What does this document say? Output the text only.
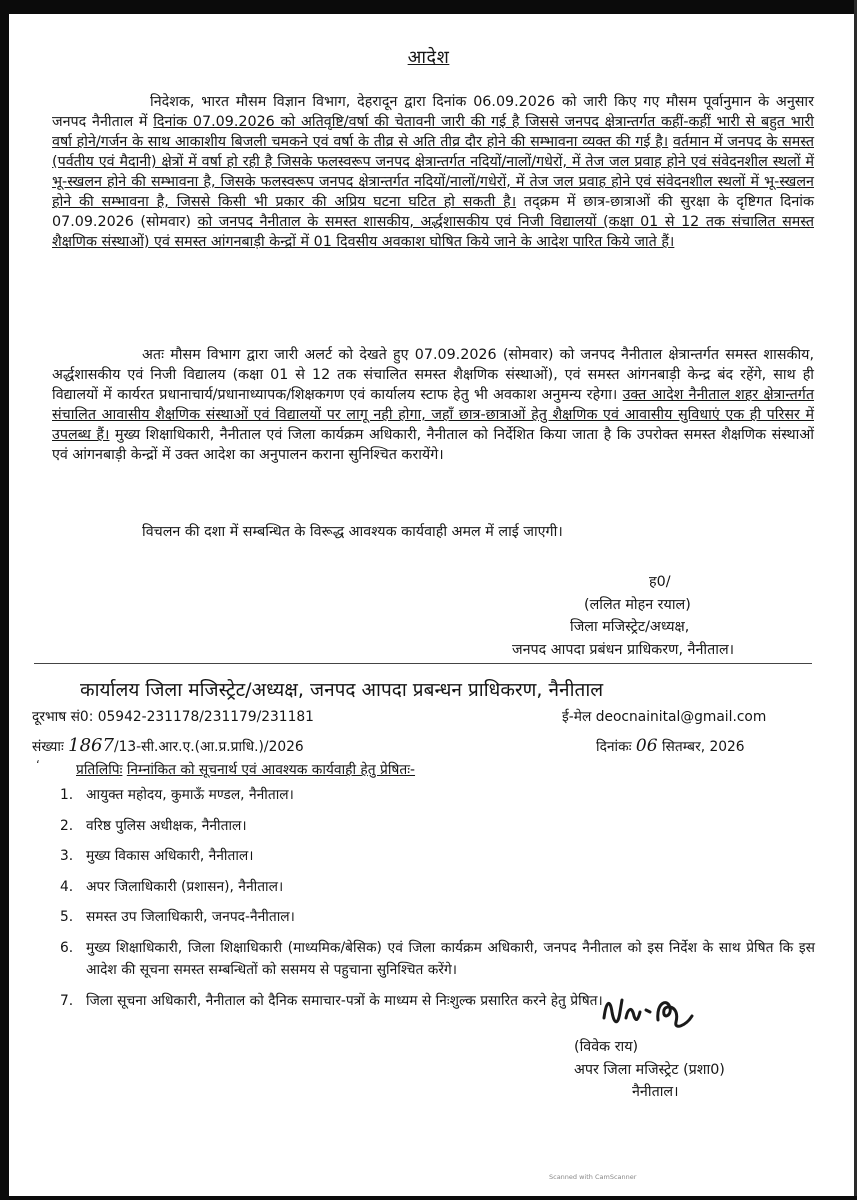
आदेश
निदेशक, भारत मौसम विज्ञान विभाग, देहरादून द्वारा दिनांक 06.09.2026 को जारी किए गए मौसम पूर्वानुमान के अनुसार जनपद नैनीताल में दिनांक 07.09.2026 को अतिवृष्टि/वर्षा की चेतावनी जारी की गई है जिससे जनपद क्षेत्रान्तर्गत कहीं-कहीं भारी से बहुत भारी वर्षा होने/गर्जन के साथ आकाशीय बिजली चमकने एवं वर्षा के तीव्र से अति तीव्र दौर होने की सम्भावना व्यक्त की गई है। वर्तमान में जनपद के समस्त (पर्वतीय एवं मैदानी) क्षेत्रों में वर्षा हो रही है जिसके फलस्वरूप जनपद क्षेत्रान्तर्गत नदियों/नालों/गधेरों, में तेज जल प्रवाह होने एवं संवेदनशील स्थलों में भू-स्खलन होने की सम्भावना है, जिसके फलस्वरूप जनपद क्षेत्रान्तर्गत नदियों/नालों/गधेरों, में तेज जल प्रवाह होने एवं संवेदनशील स्थलों में भू-स्खलन होने की सम्भावना है, जिससे किसी भी प्रकार की अप्रिय घटना घटित हो सकती है। तद्क्रम में छात्र-छात्राओं की सुरक्षा के दृष्टिगत दिनांक 07.09.2026 (सोमवार) को जनपद नैनीताल के समस्त शासकीय, अर्द्धशासकीय एवं निजी विद्यालयों (कक्षा 01 से 12 तक संचालित समस्त शैक्षणिक संस्थाओं) एवं समस्त आंगनबाड़ी केन्द्रों में 01 दिवसीय अवकाश घोषित किये जाने के आदेश पारित किये जाते हैं।
अतः मौसम विभाग द्वारा जारी अलर्ट को देखते हुए 07.09.2026 (सोमवार) को जनपद नैनीताल क्षेत्रान्तर्गत समस्त शासकीय, अर्द्धशासकीय एवं निजी विद्यालय (कक्षा 01 से 12 तक संचालित समस्त शैक्षणिक संस्थाओं), एवं समस्त आंगनबाड़ी केन्द्र बंद रहेंगे, साथ ही विद्यालयों में कार्यरत प्रधानाचार्य/प्रधानाध्यापक/शिक्षकगण एवं कार्यालय स्टाफ हेतु भी अवकाश अनुमन्य रहेगा। उक्त आदेश नैनीताल शहर क्षेत्रान्तर्गत संचालित आवासीय शैक्षणिक संस्थाओं एवं विद्यालयों पर लागू नही होगा, जहॉं छात्र-छात्राओं हेतु शैक्षणिक एवं आवासीय सुविधाएं एक ही परिसर में उपलब्ध हैं। मुख्य शिक्षाधिकारी, नैनीताल एवं जिला कार्यक्रम अधिकारी, नैनीताल को निर्देशित किया जाता है कि उपरोक्त समस्त शैक्षणिक संस्थाओं एवं आंगनबाड़ी केन्द्रों में उक्त आदेश का अनुपालन कराना सुनिश्चित करायेंगे।
विचलन की दशा में सम्बन्धित के विरूद्ध आवश्यक कार्यवाही अमल में लाई जाएगी।
ह0/
(ललित मोहन रयाल)
जिला मजिस्ट्रेट/अध्यक्ष,
जनपद आपदा प्रबंधन प्राधिकरण, नैनीताल।
कार्यालय जिला मजिस्ट्रेट/अध्यक्ष, जनपद आपदा प्रबन्धन प्राधिकरण, नैनीताल
दूरभाष सं0: 05942-231178/231179/231181	ई-मेल deocnainital@gmail.com
संख्याः 1867/13-सी.आर.ए.(आ.प्र.प्राधि.)/2026	दिनांकः 06 सितम्बर, 2026
‘	प्रतिलिपिः निम्नांकित को सूचनार्थ एवं आवश्यक कार्यवाही हेतु प्रेषितः-
1. आयुक्त महोदय, कुमाऊँ मण्डल, नैनीताल।
2. वरिष्ठ पुलिस अधीक्षक, नैनीताल।
3. मुख्य विकास अधिकारी, नैनीताल।
4. अपर जिलाधिकारी (प्रशासन), नैनीताल।
5. समस्त उप जिलाधिकारी, जनपद-नैनीताल।
6. मुख्य शिक्षाधिकारी, जिला शिक्षाधिकारी (माध्यमिक/बेसिक) एवं जिला कार्यक्रम अधिकारी, जनपद नैनीताल को इस निर्देश के साथ प्रेषित कि इस आदेश की सूचना समस्त सम्बन्धितों को ससमय से पहुचाना सुनिश्चित करेंगे।
7. जिला सूचना अधिकारी, नैनीताल को दैनिक समाचार-पत्रों के माध्यम से निःशुल्क प्रसारित करने हेतु प्रेषित।
(विवेक राय)
अपर जिला मजिस्ट्रेट (प्रशा0)
नैनीताल।
Scanned with CamScanner
